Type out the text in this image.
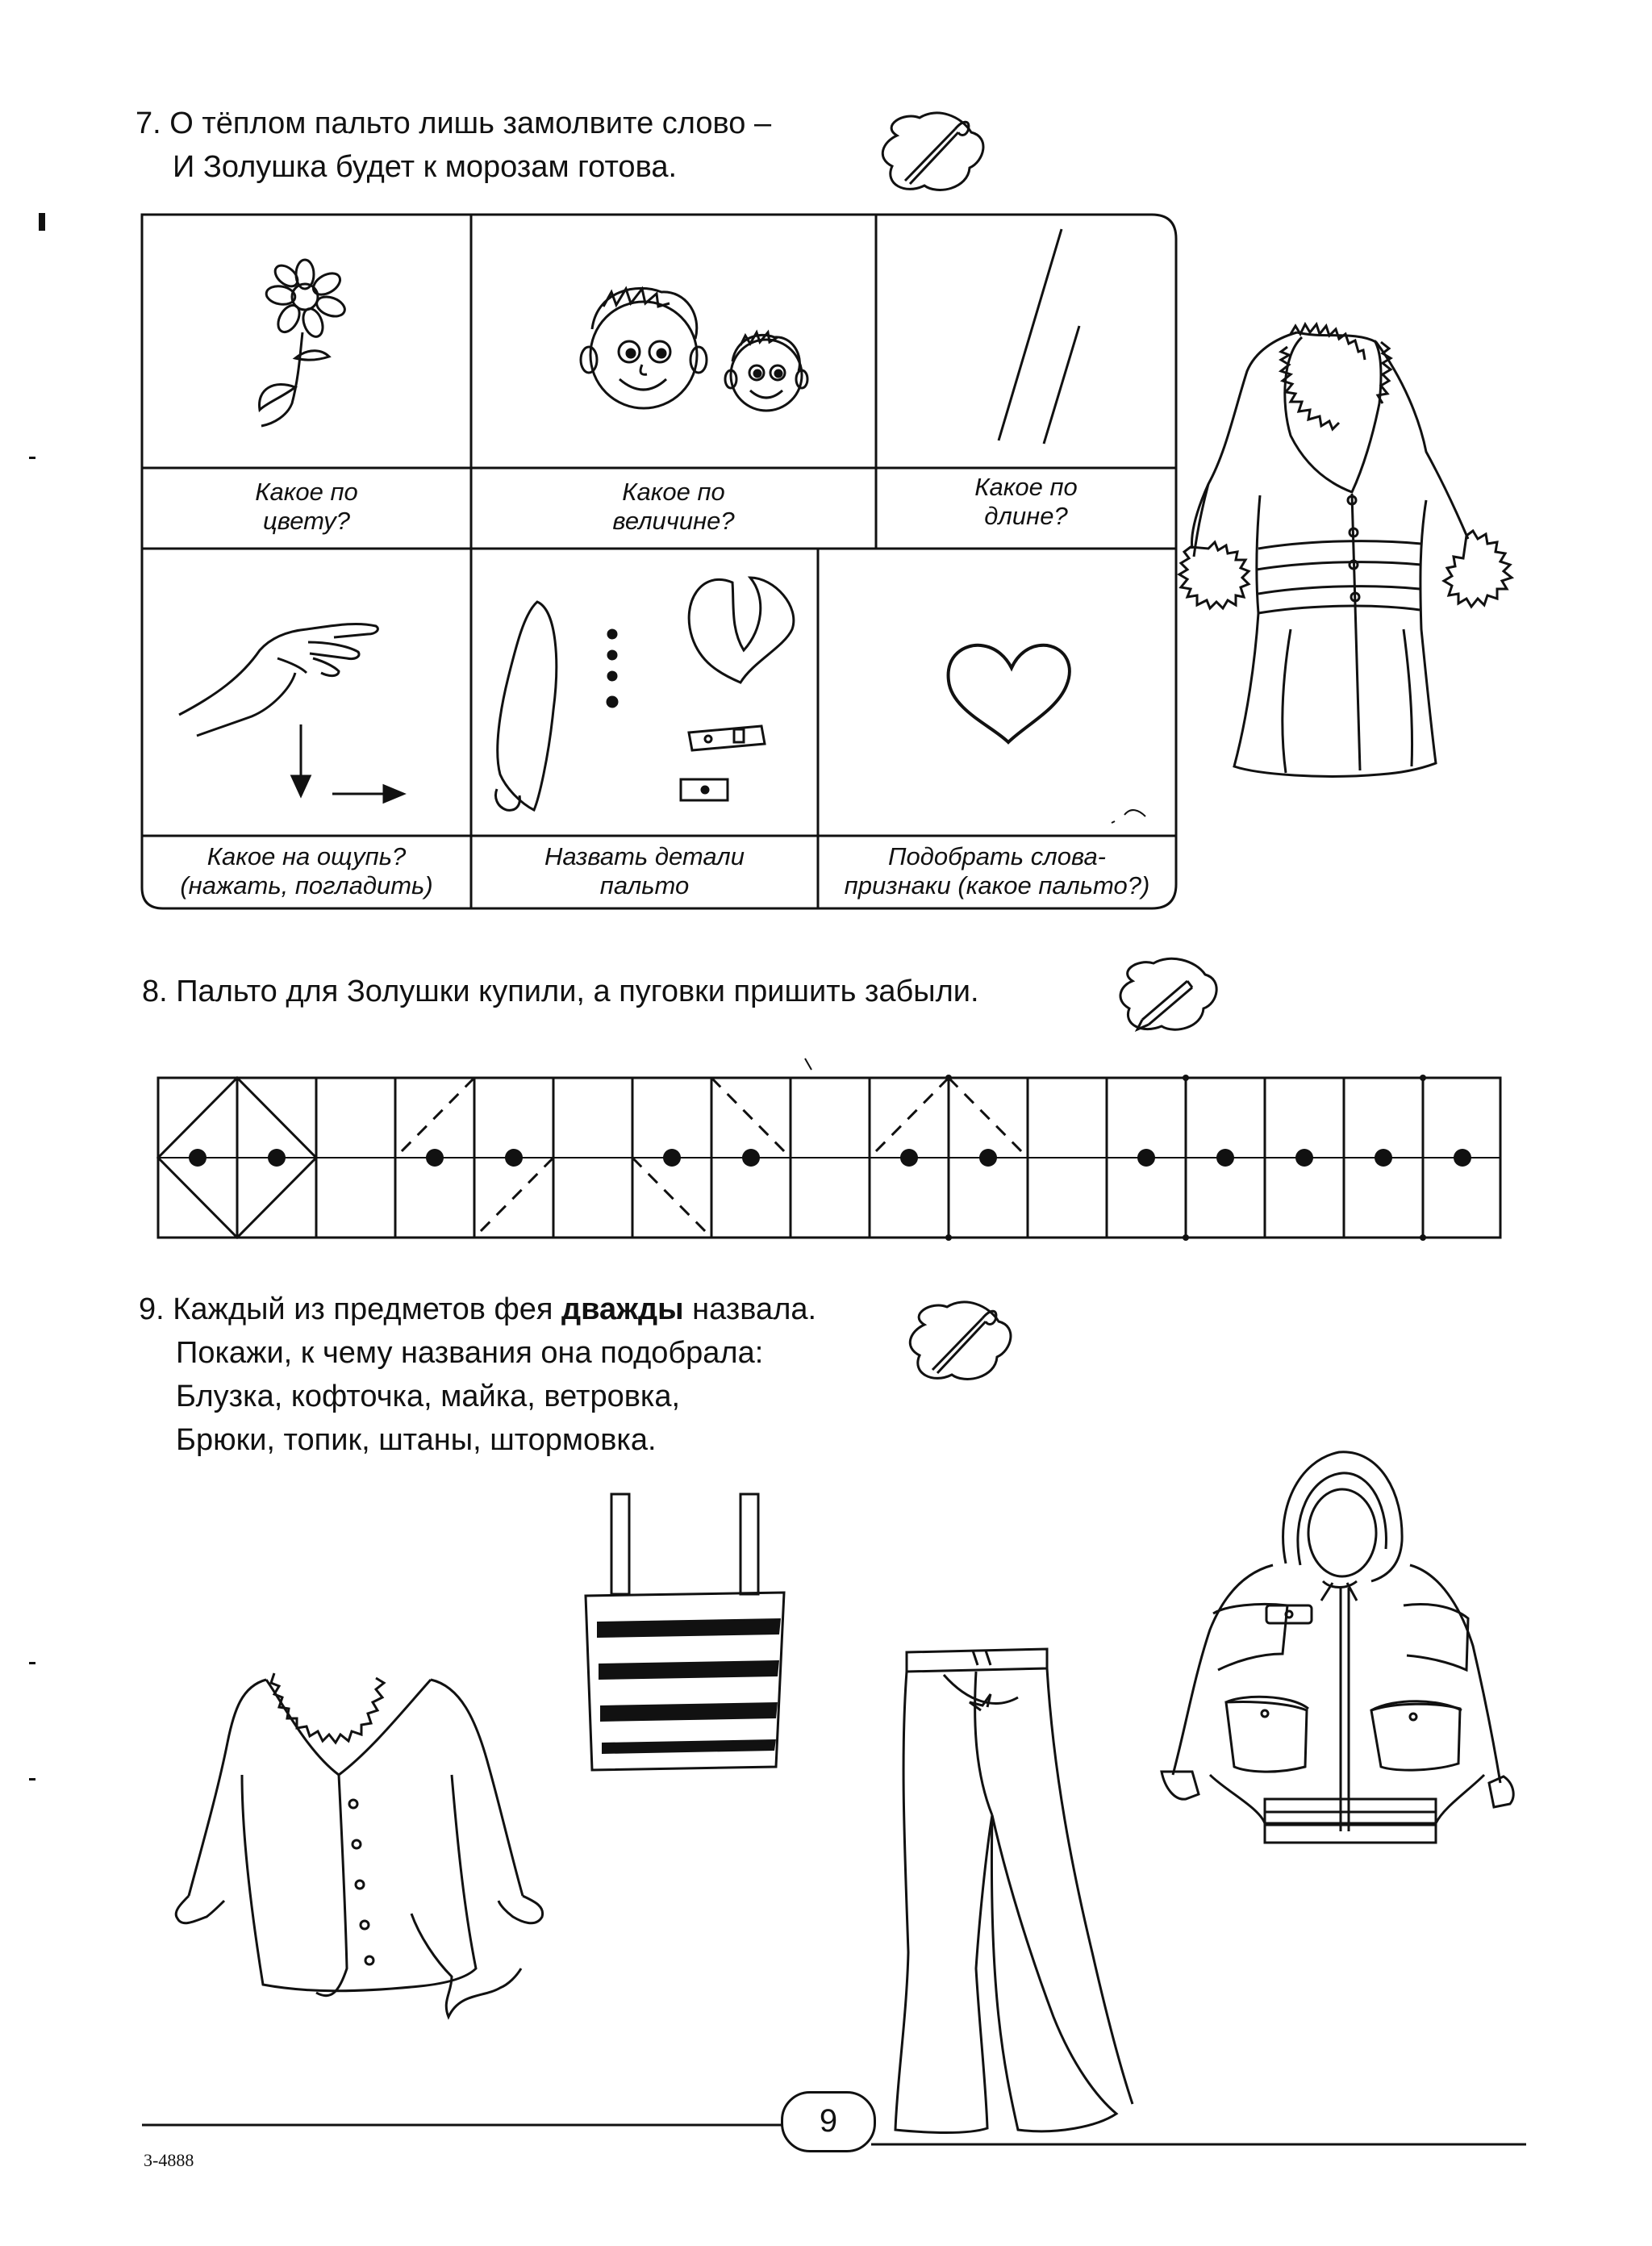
7. О тёплом пальто лишь замолвите слово –
И Золушка будет к морозам готова.
Какое по
цвету?
Какое по
величине?
Какое по
длине?
Какое на ощупь?
(нажать, погладить)
Назвать детали
пальто
Подобрать слова-
признаки (какое пальто?)
8. Пальто для Золушки купили, а пуговки пришить забыли.
9. Каждый из предметов фея дважды назвала.
Покажи, к чему названия она подобрала:
Блузка, кофточка, майка, ветровка,
Брюки, топик, штаны, штормовка.
9
3-4888
